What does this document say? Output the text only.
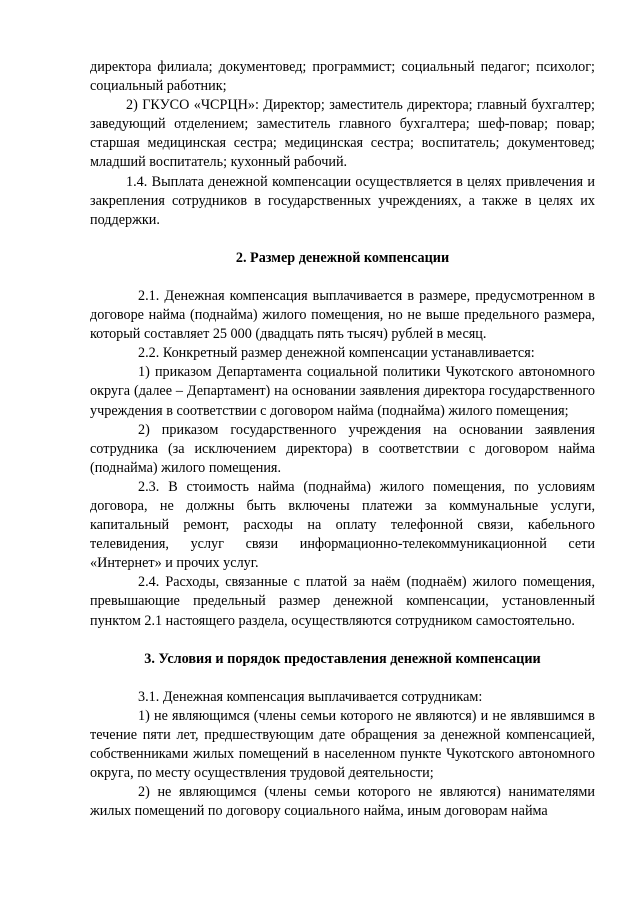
директора филиала; документовед; программист; социальный педагог; психолог; социальный работник;

2) ГКУСО «ЧСРЦН»: Директор; заместитель директора; главный бухгалтер; заведующий отделением; заместитель главного бухгалтера; шеф-повар; повар; старшая медицинская сестра; медицинская сестра; воспитатель; документовед; младший воспитатель; кухонный рабочий.

1.4. Выплата денежной компенсации осуществляется в целях привлечения и закрепления сотрудников в государственных учреждениях, а также в целях их поддержки.

2. Размер денежной компенсации

2.1. Денежная компенсация выплачивается в размере, предусмотренном в договоре найма (поднайма) жилого помещения, но не выше предельного размера, который составляет 25 000 (двадцать пять тысяч) рублей в месяц.

2.2. Конкретный размер денежной компенсации устанавливается:

1) приказом Департамента социальной политики Чукотского автономного округа (далее – Департамент) на основании заявления директора государственного учреждения в соответствии с договором найма (поднайма) жилого помещения;

2) приказом государственного учреждения на основании заявления сотрудника (за исключением директора) в соответствии с договором найма (поднайма) жилого помещения.

2.3. В стоимость найма (поднайма) жилого помещения, по условиям договора, не должны быть включены платежи за коммунальные услуги, капитальный ремонт, расходы на оплату телефонной связи, кабельного телевидения, услуг связи информационно-телекоммуникационной сети «Интернет» и прочих услуг.

2.4. Расходы, связанные с платой за наём (поднаём) жилого помещения, превышающие предельный размер денежной компенсации, установленный пунктом 2.1 настоящего раздела, осуществляются сотрудником самостоятельно.

3. Условия и порядок предоставления денежной компенсации

3.1. Денежная компенсация выплачивается сотрудникам:

1) не являющимся (члены семьи которого не являются) и не являвшимся в течение пяти лет, предшествующим дате обращения за денежной компенсацией, собственниками жилых помещений в населенном пункте Чукотского автономного округа, по месту осуществления трудовой деятельности;

2) не являющимся (члены семьи которого не являются) нанимателями жилых помещений по договору социального найма, иным договорам найма
